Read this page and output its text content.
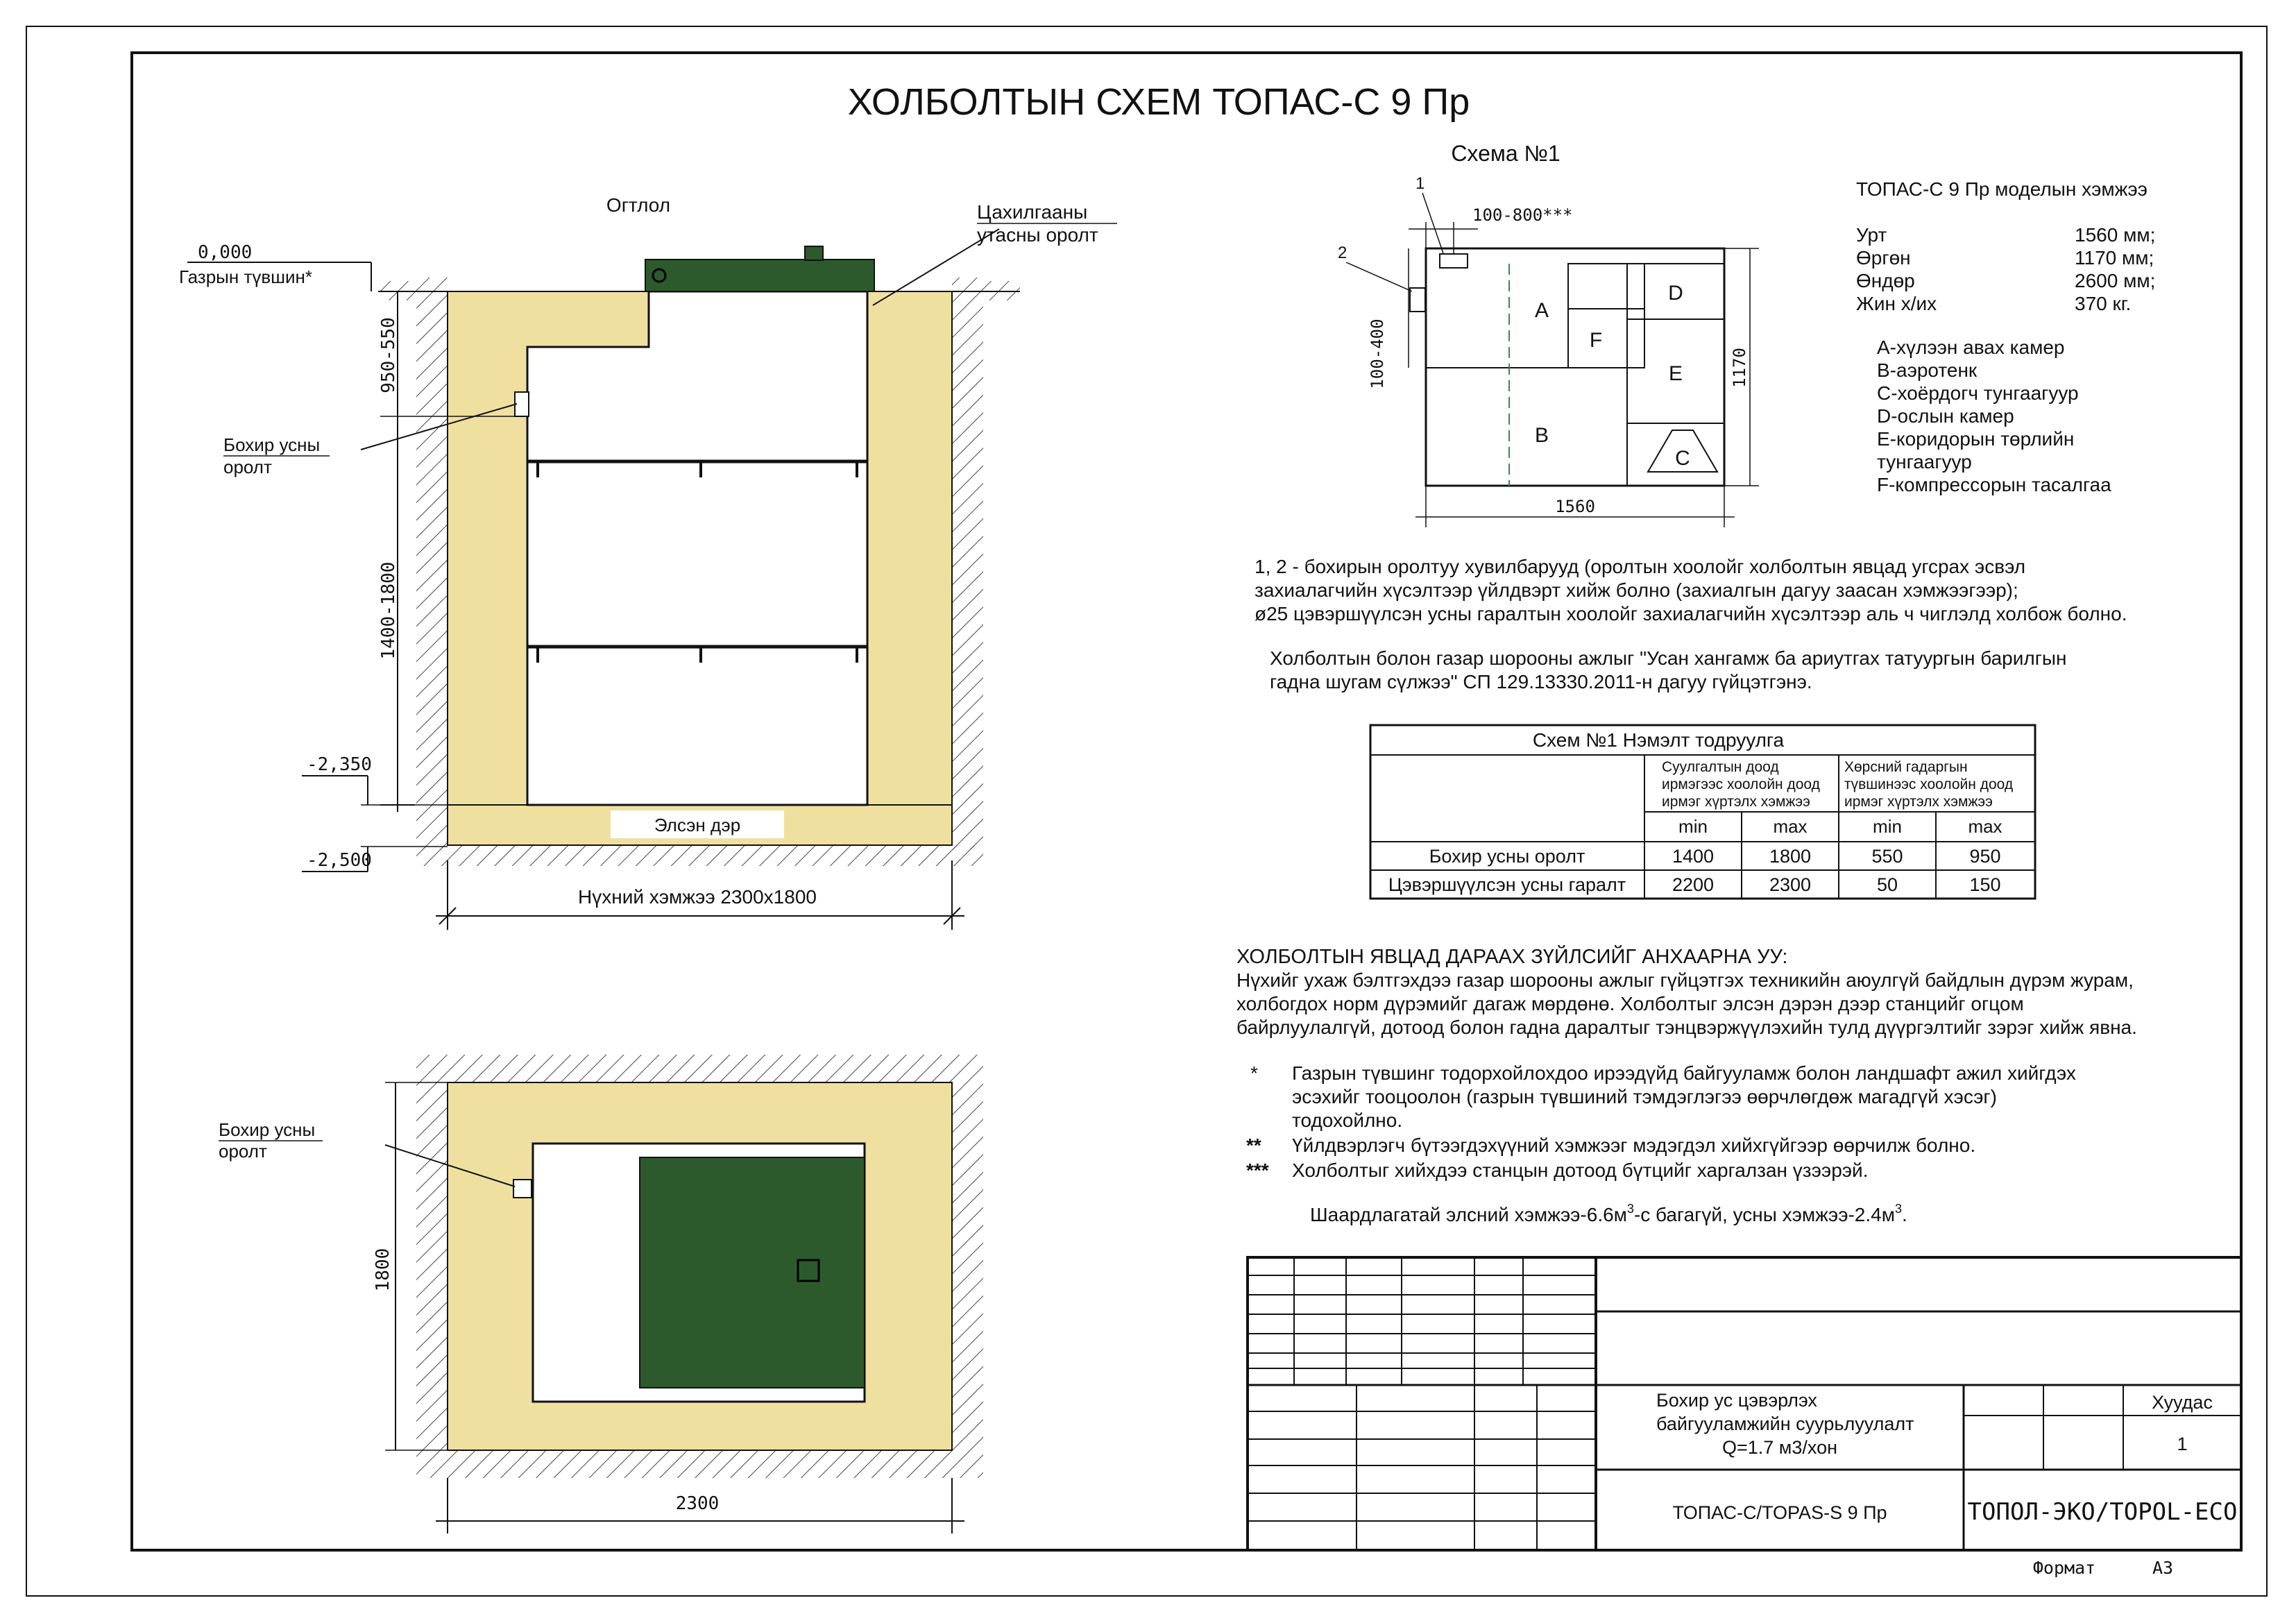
ХОЛБОЛТЫН СХЕМ ТОПАС-С 9 Пр
Огтлол
Элсэн дэр
Бохир усны
оролт
Цахилгааны
утасны оролт
0,000
Газрын түвшин*
950-550
1400-1800
-2,350
-2,500
Нүхний хэмжээ 2300х1800
Бохир усны
оролт
1800
2300
Схема №1
A
B
C
D
E
F
1
2
100-800***
100-400	1170
1560
ТОПАС-С 9 Пр моделын хэмжээ
Урт	1560 мм;
Өргөн	1170 мм;
Өндөр	2600 мм;
Жин х/их	370 кг.
А-хүлээн авах камер
В-аэротенк
С-хоёрдогч тунгаагуур
D-ослын камер
E-коридорын төрлийн
тунгаагуур
F-компрессорын тасалгаа
1, 2 - бохирын оролтуу хувилбарууд (оролтын хоолойг холболтын явцад угсрах эсвэл
захиалагчийн хүсэлтээр үйлдвэрт хийж болно (захиалгын дагуу заасан хэмжээгээр);
ø25 цэвэршүүлсэн усны гаралтын хоолойг захиалагчийн хүсэлтээр аль ч чиглэлд холбож болно.
Холболтын болон газар шорооны ажлыг "Усан хангамж ба ариутгах татуургын барилгын
гадна шугам сүлжээ" СП 129.13330.2011-н дагуу гүйцэтгэнэ.
Схем №1 Нэмэлт тодруулга
Суулгалтын доод
ирмэгээс хоолойн доод
ирмэг хүртэлх хэмжээ
Хөрсний гадаргын
түвшинээс хоолойн доод
ирмэг хүртэлх хэмжээ
min	max	min	max
Бохир усны оролт	1400	1800	550	950
Цэвэршүүлсэн усны гаралт 2200	2300	50	150
ХОЛБОЛТЫН ЯВЦАД ДАРААХ ЗҮЙЛСИЙГ АНХААРНА УУ:
Нүхийг ухаж бэлтгэхдээ газар шорооны ажлыг гүйцэтгэх техникийн аюулгүй байдлын дүрэм журам,
холбогдох норм дүрэмийг дагаж мөрдөнө. Холболтыг элсэн дэрэн дээр станцийг огцом
байрлуулалгүй, дотоод болон гадна даралтыг тэнцвэржүүлэхийн тулд дүүргэлтийг зэрэг хийж явна.
* Газрын түвшинг тодорхойлохдоо ирээдүйд байгууламж болон ландшафт ажил хийгдэх
эсэхийг тооцоолон (газрын түвшиний тэмдэглэгээ өөрчлөгдөж магадгүй хэсэг)
тодохойлно.
** Үйлдвэрлэгч бүтээгдэхүүний хэмжээг мэдэгдэл хийхгүйгээр өөрчилж болно.
*** Холболтыг хийхдээ станцын дотоод бүтцийг харгалзан үзээрэй.
Шаардлагатай элсний хэмжээ-$6.6м^3-с$ багагүй, усны хэмжээ-$2.4м^3$.
Бохир ус цэвэрлэх
байгууламжийн суурьлуулалт
Q=1.7 м3/хон
Хуудас
1
ТОПАС-С/TOPAS-S 9 Пр	ТОПОЛ-ЭКО/TOPOL-ECO
Формат	А3
